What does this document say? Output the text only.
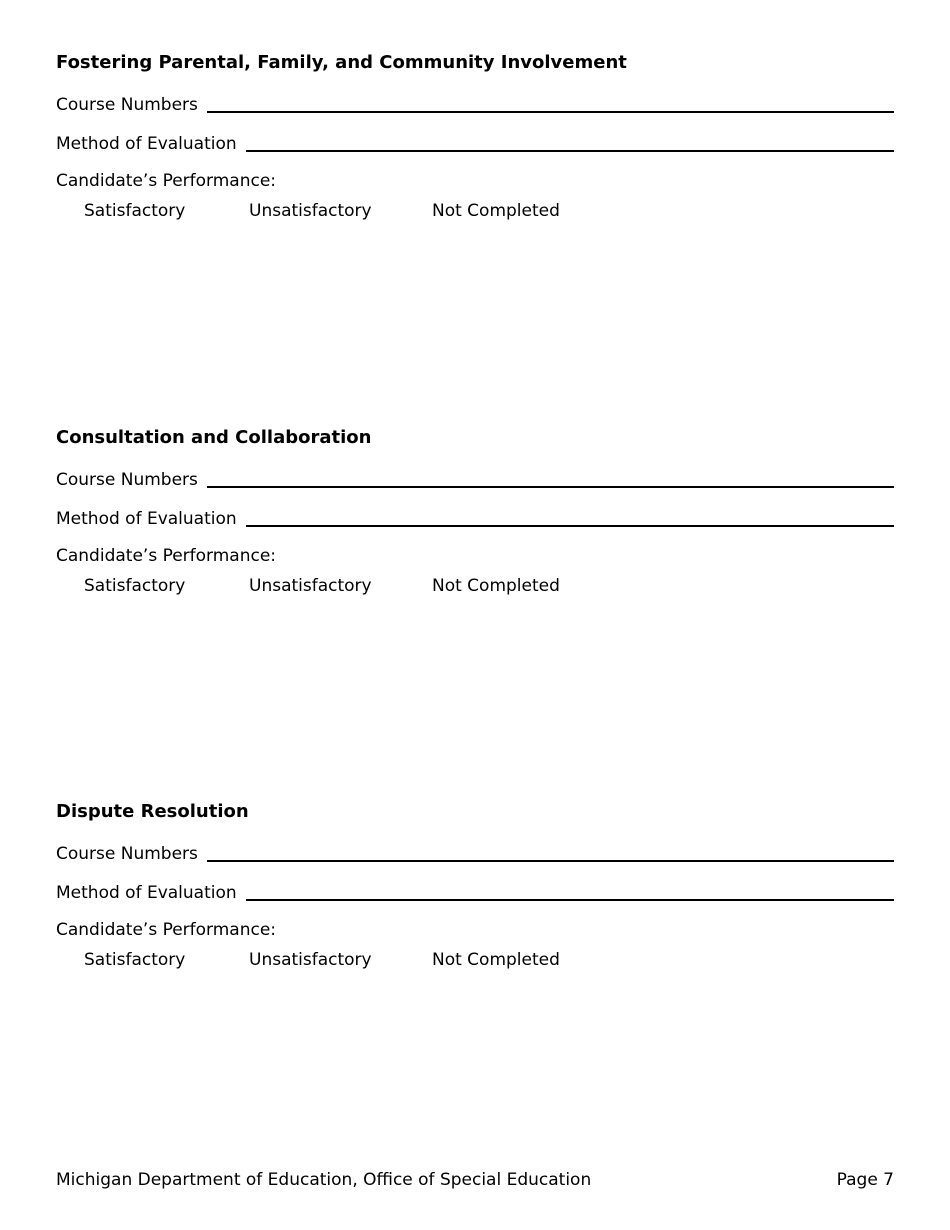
Fostering Parental, Family, and Community Involvement
Course Numbers
Method of Evaluation
Candidate’s Performance:
Satisfactory	Unsatisfactory	Not Completed
Consultation and Collaboration
Course Numbers
Method of Evaluation
Candidate’s Performance:
Satisfactory	Unsatisfactory	Not Completed
Dispute Resolution
Course Numbers
Method of Evaluation
Candidate’s Performance:
Satisfactory	Unsatisfactory	Not Completed
Michigan Department of Education, Office of Special Education	Page 7
